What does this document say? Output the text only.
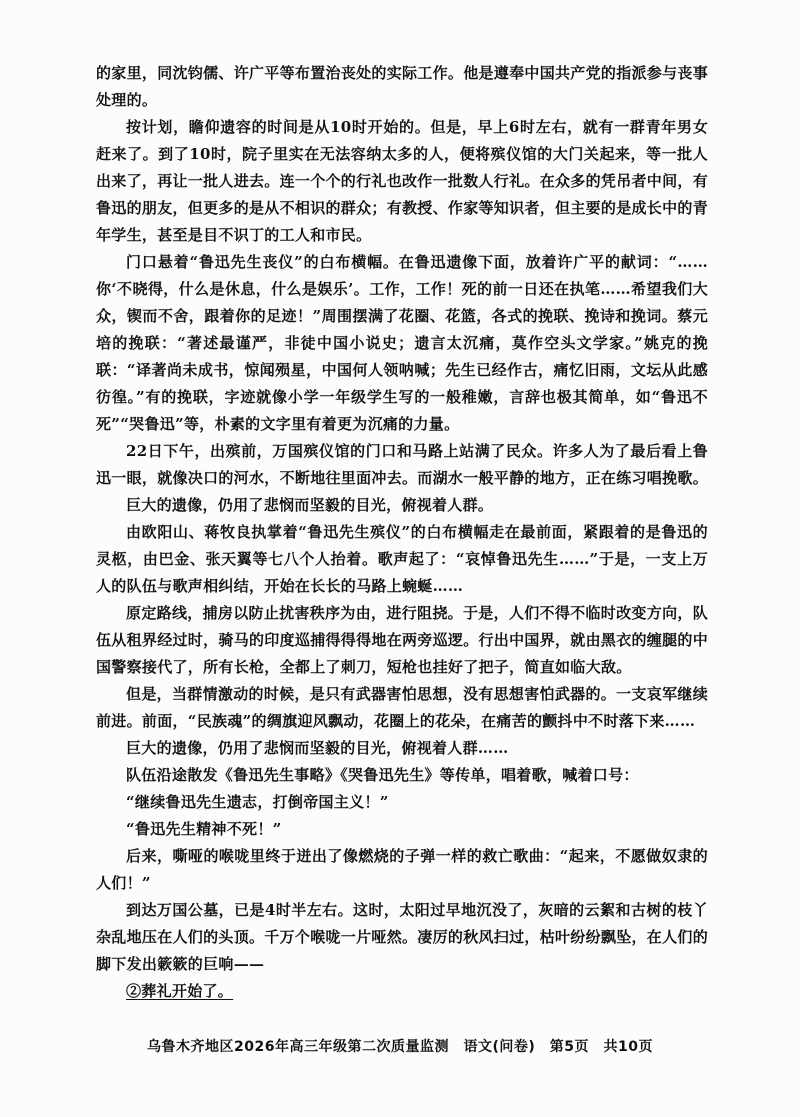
的家里，同沈钧儒、许广平等布置治丧处的实际工作。他是遵奉中国共产党的指派参与丧事处理的。

按计划，瞻仰遗容的时间是从10时开始的。但是，早上6时左右，就有一群青年男女赶来了。到了10时，院子里实在无法容纳太多的人，便将殡仪馆的大门关起来，等一批人出来了，再让一批人进去。连一个个的行礼也改作一批数人行礼。在众多的凭吊者中间，有鲁迅的朋友，但更多的是从不相识的群众；有教授、作家等知识者，但主要的是成长中的青年学生，甚至是目不识丁的工人和市民。

门口悬着“鲁迅先生丧仪”的白布横幅。在鲁迅遗像下面，放着许广平的献词：“……你‘不晓得，什么是休息，什么是娱乐’。工作，工作！死的前一日还在执笔……希望我们大众，锲而不舍，跟着你的足迹！”周围摆满了花圈、花篮，各式的挽联、挽诗和挽词。蔡元培的挽联：“著述最谨严，非徒中国小说史；遗言太沉痛，莫作空头文学家。”姚克的挽联：“译著尚未成书，惊闻殒星，中国何人领呐喊；先生已经作古，痛忆旧雨，文坛从此感彷徨。”有的挽联，字迹就像小学一年级学生写的一般稚嫩，言辞也极其简单，如“鲁迅不死”“哭鲁迅”等，朴素的文字里有着更为沉痛的力量。

22日下午，出殡前，万国殡仪馆的门口和马路上站满了民众。许多人为了最后看上鲁迅一眼，就像决口的河水，不断地往里面冲去。而湖水一般平静的地方，正在练习唱挽歌。

巨大的遗像，仍用了悲悯而坚毅的目光，俯视着人群。

由欧阳山、蒋牧良执掌着“鲁迅先生殡仪”的白布横幅走在最前面，紧跟着的是鲁迅的灵柩，由巴金、张天翼等七八个人抬着。歌声起了：“哀悼鲁迅先生……”于是，一支上万人的队伍与歌声相纠结，开始在长长的马路上蜿蜒……

原定路线，捕房以防止扰害秩序为由，进行阻挠。于是，人们不得不临时改变方向，队伍从租界经过时，骑马的印度巡捕得得得地在两旁巡逻。行出中国界，就由黑衣的缠腿的中国警察接代了，所有长枪，全都上了刺刀，短枪也挂好了把子，简直如临大敌。

但是，当群情激动的时候，是只有武器害怕思想，没有思想害怕武器的。一支哀军继续前进。前面，“民族魂”的绸旗迎风飘动，花圈上的花朵，在痛苦的颤抖中不时落下来……

巨大的遗像，仍用了悲悯而坚毅的目光，俯视着人群……

队伍沿途散发《鲁迅先生事略》《哭鲁迅先生》等传单，唱着歌，喊着口号：

“继续鲁迅先生遗志，打倒帝国主义！”

“鲁迅先生精神不死！”

后来，嘶哑的喉咙里终于迸出了像燃烧的子弹一样的救亡歌曲：“起来，不愿做奴隶的人们！”

到达万国公墓，已是4时半左右。这时，太阳过早地沉没了，灰暗的云絮和古树的枝丫杂乱地压在人们的头顶。千万个喉咙一片哑然。凄厉的秋风扫过，枯叶纷纷飘坠，在人们的脚下发出簌簌的巨响——

②葬礼开始了。

乌鲁木齐地区2026年高三年级第二次质量监测　语文(问卷)　第5页　共10页
